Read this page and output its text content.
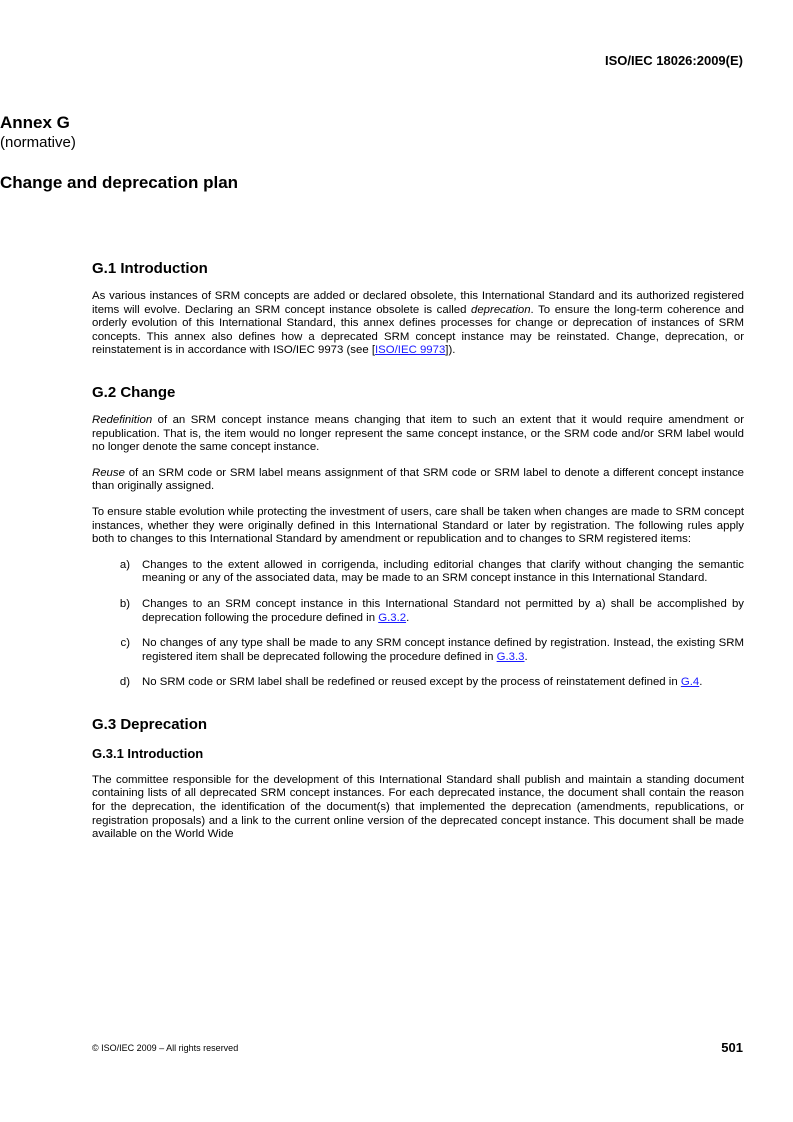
ISO/IEC 18026:2009(E)

Annex G

(normative)

Change and deprecation plan

G.1 Introduction

As various instances of SRM concepts are added or declared obsolete, this International Standard and its authorized registered items will evolve. Declaring an SRM concept instance obsolete is called deprecation. To ensure the long-term coherence and orderly evolution of this International Standard, this annex defines processes for change or deprecation of instances of SRM concepts. This annex also defines how a deprecated SRM concept instance may be reinstated. Change, deprecation, or reinstatement is in accordance with ISO/IEC 9973 (see [ISO/IEC 9973]).

G.2 Change

Redefinition of an SRM concept instance means changing that item to such an extent that it would require amendment or republication. That is, the item would no longer represent the same concept instance, or the SRM code and/or SRM label would no longer denote the same concept instance.

Reuse of an SRM code or SRM label means assignment of that SRM code or SRM label to denote a different concept instance than originally assigned.

To ensure stable evolution while protecting the investment of users, care shall be taken when changes are made to SRM concept instances, whether they were originally defined in this International Standard or later by registration. The following rules apply both to changes to this International Standard by amendment or republication and to changes to SRM registered items:

a)	Changes to the extent allowed in corrigenda, including editorial changes that clarify without changing the semantic meaning or any of the associated data, may be made to an SRM concept instance in this International Standard.
b)	Changes to an SRM concept instance in this International Standard not permitted by a) shall be accomplished by deprecation following the procedure defined in G.3.2.
c)	No changes of any type shall be made to any SRM concept instance defined by registration. Instead, the existing SRM registered item shall be deprecated following the procedure defined in G.3.3.
d)	No SRM code or SRM label shall be redefined or reused except by the process of reinstatement defined in G.4.
G.3 Deprecation
G.3.1 Introduction

The committee responsible for the development of this International Standard shall publish and maintain a standing document containing lists of all deprecated SRM concept instances. For each deprecated instance, the document shall contain the reason for the deprecation, the identification of the document(s) that implemented the deprecation (amendments, republications, or registration proposals) and a link to the current online version of the deprecated concept instance. This document shall be made available on the World Wide

© ISO/IEC 2009 – All rights reserved	501
